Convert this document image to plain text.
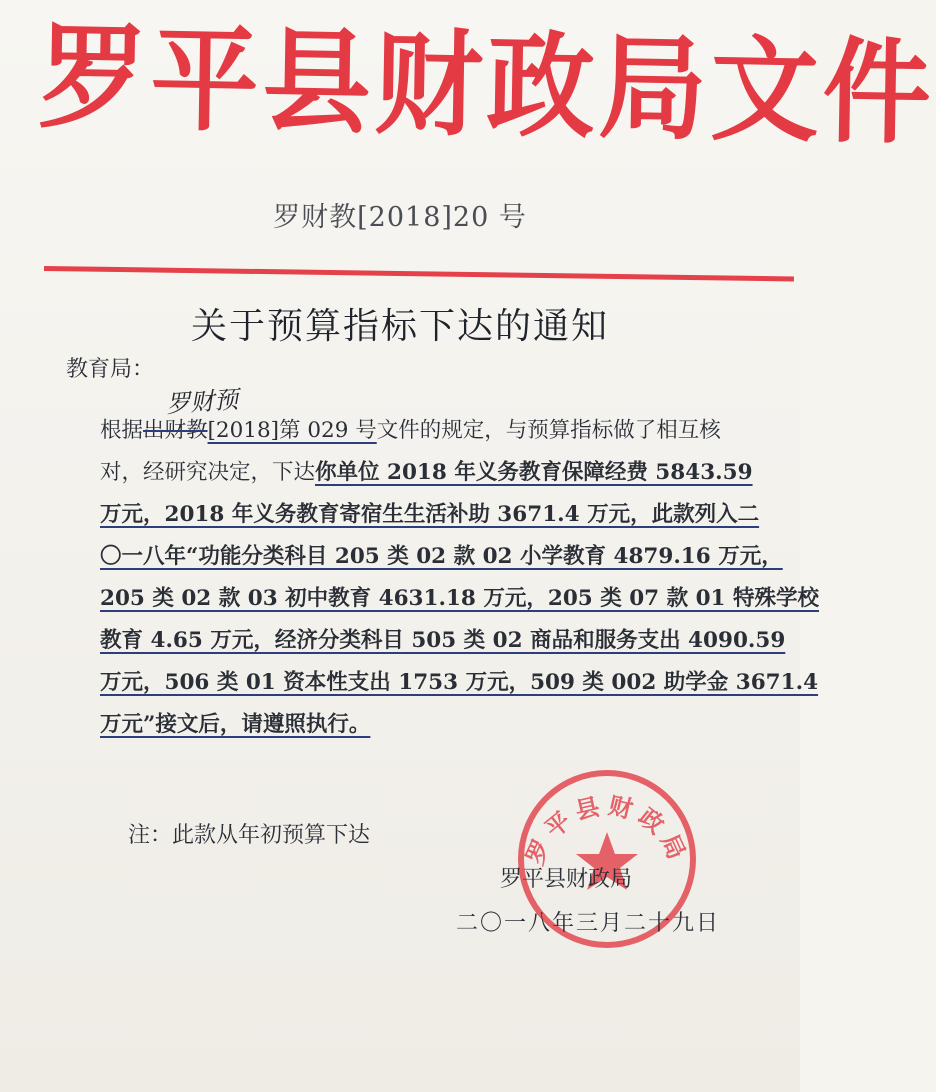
罗平县财政局文件
罗财教[2018]20 号
关于预算指标下达的通知
教育局：
罗财预
根据出财教[2018]第 029 号文件的规定，与预算指标做了相互核
对，经研究决定，下达你单位 2018 年义务教育保障经费 5843.59
万元，2018 年义务教育寄宿生生活补助 3671.4 万元，此款列入二
〇一八年“功能分类科目 205 类 02 款 02 小学教育 4879.16 万元，
205 类 02 款 03 初中教育 4631.18 万元，205 类 07 款 01 特殊学校
教育 4.65 万元，经济分类科目 505 类 02 商品和服务支出 4090.59
万元，506 类 01 资本性支出 1753 万元，509 类 002 助学金 3671.4
万元”接文后，请遵照执行。
注：此款从年初预算下达	罗平县财政局
罗平县财政局
二〇一八年三月二十九日
